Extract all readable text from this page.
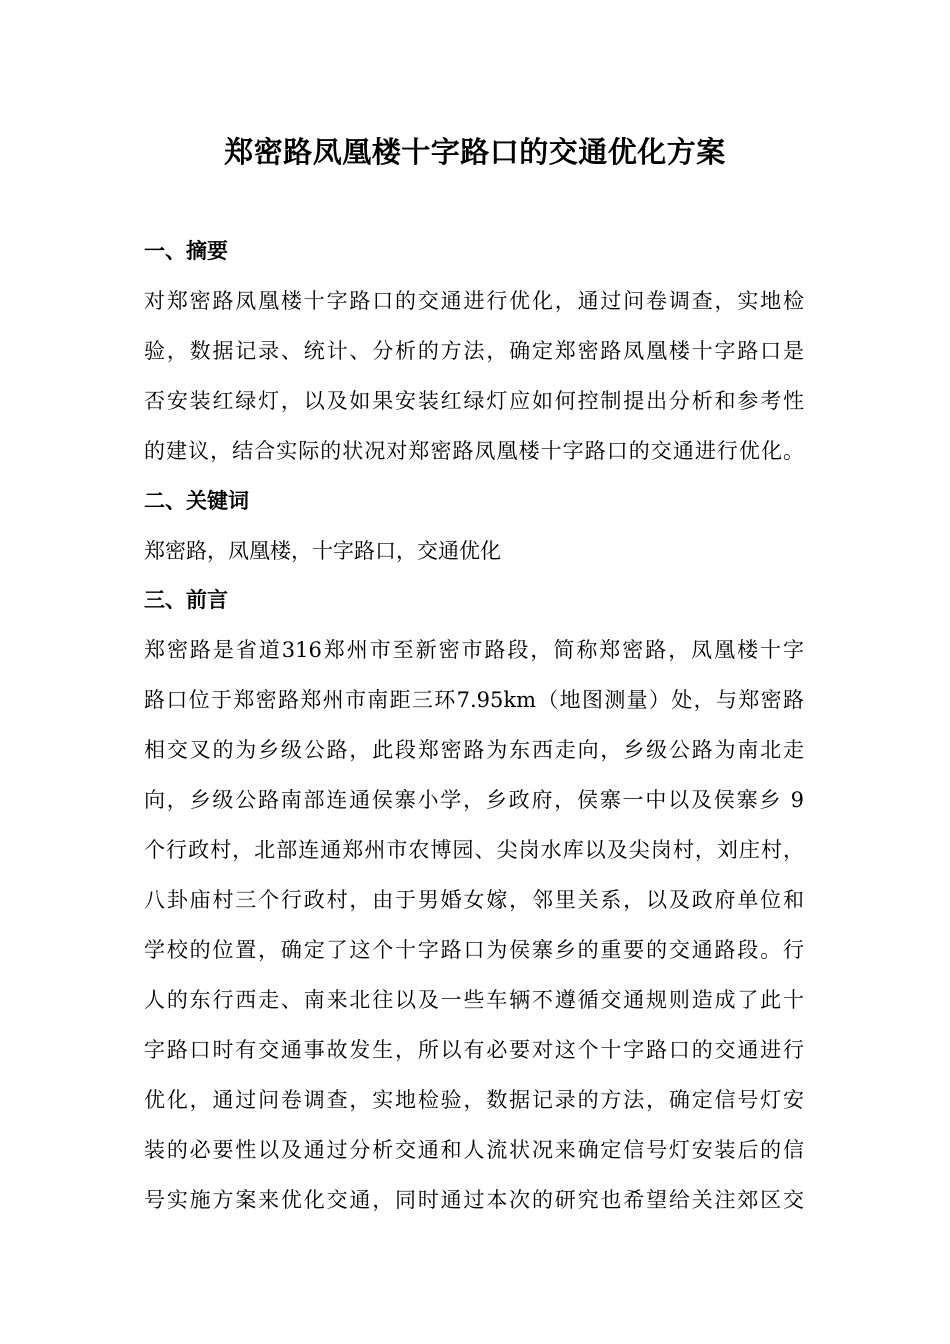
郑密路凤凰楼十字路口的交通优化方案
一、摘要

对郑密路凤凰楼十字路口的交通进行优化，通过问卷调查，实地检

验，数据记录、统计、分析的方法，确定郑密路凤凰楼十字路口是

否安装红绿灯，以及如果安装红绿灯应如何控制提出分析和参考性

的建议，结合实际的状况对郑密路凤凰楼十字路口的交通进行优化。

二、关键词

郑密路，凤凰楼，十字路口，交通优化

三、前言

郑密路是省道316郑州市至新密市路段，简称郑密路，凤凰楼十字

路口位于郑密路郑州市南距三环7.95km（地图测量）处，与郑密路

相交叉的为乡级公路，此段郑密路为东西走向，乡级公路为南北走

向，乡级公路南部连通侯寨小学，乡政府，侯寨一中以及侯寨乡 9

个行政村，北部连通郑州市农博园、尖岗水库以及尖岗村，刘庄村，

八卦庙村三个行政村，由于男婚女嫁，邻里关系，以及政府单位和

学校的位置，确定了这个十字路口为侯寨乡的重要的交通路段。行

人的东行西走、南来北往以及一些车辆不遵循交通规则造成了此十

字路口时有交通事故发生，所以有必要对这个十字路口的交通进行

优化，通过问卷调查，实地检验，数据记录的方法，确定信号灯安

装的必要性以及通过分析交通和人流状况来确定信号灯安装后的信

号实施方案来优化交通，同时通过本次的研究也希望给关注郊区交
